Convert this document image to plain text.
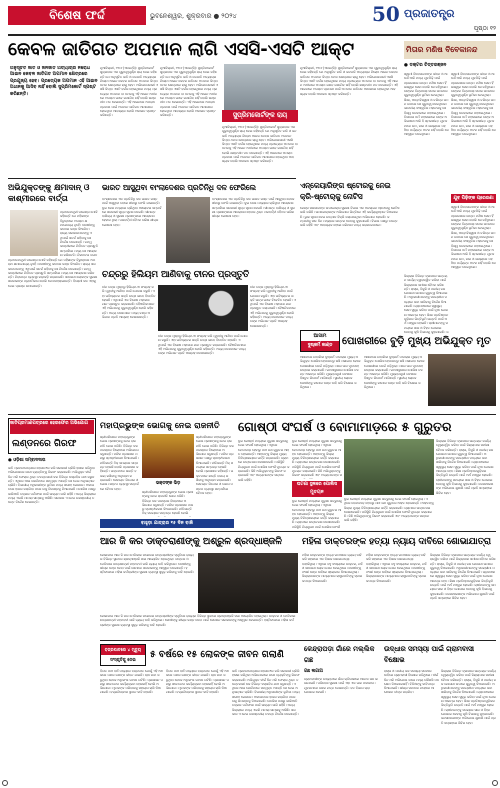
ବିଶେଷ ଫର୍ଦ୍ଦ	ଭୁବନେଶ୍ୱର, ଶୁକ୍ରବାର ● ୨୦୨୪	50 ପ୍ରଜାତନ୍ତ୍ର
ପୃଷ୍ଠା ୧୨
କେବଳ ଜାତିଗତ ଅପମାନ ଲାଗି ଏସସି-ଏସଟି ଆକ୍ଟ
ଅନୁସୂଚିତ ଜାତି ଓ ଜନଜାତି ଅତ୍ୟାଚାର ନିରୋଧ ଆଇନ କେବଳ ଜାତିଗତ ଅପମାନ କ୍ଷେତ୍ରରେ ପ୍ରଯୁଜ୍ୟ ହେବ। ପ୍ରତ୍ୟେକ ଅପମାନ ଏହି ଆଇନ ଅଧୀନକୁ ଆସିବ ନାହିଁ ବୋଲି ସୁପ୍ରିମକୋର୍ଟ ସ୍ପଷ୍ଟ କରିଛନ୍ତି।
ନୂଆଦିଲ୍ଲୀ, ୨୩।୮(ଏଜେନ୍ସି): ସୁପ୍ରିମକୋର୍ଟ ଶୁକ୍ରବାର ଏକ ଗୁରୁତ୍ୱପୂର୍ଣ୍ଣ ରାୟ ଦେଇ କହିଛନ୍ତି ଯେ ଅନୁସୂଚିତ ଜାତି ଓ ଜନଜାତି ଅତ୍ୟାଚାର ନିରୋଧ ଆଇନ କେବଳ ଜାତିଗତ ଅପମାନ କିମ୍ବା ଧମକ କ୍ଷେତ୍ରରେ ଲାଗୁ ହେବ। ଅଭିଯୋଗକାରୀ ଏସସି କିମ୍ବା ଏସଟି ବର୍ଗର ହୋଇଥିଲେ ମଧ୍ୟ ପ୍ରତ୍ୟେକ ଅପମାନ ବା ଧମକକୁ ଏହି ଆଇନ ଅଧୀନରେ ଅପରାଧ ଭାବେ ଗଣାଯିବ ନାହିଁ ବୋଲି ଖଣ୍ଡପୀଠ ମତ ଦେଇଛନ୍ତି। ଏହି ଆଇନରେ ଅପରାଧ ପ୍ରମାଣ ପାଇଁ ଅପମାନ ଜାତିଗତ ଆଧାରରେ ହୋଇଥିବା ଆବଶ୍ୟକ ବୋଲି ଅଦାଲତ ସ୍ପଷ୍ଟ କରିଛନ୍ତି।
ନୂଆଦିଲ୍ଲୀ, ୨୩।୮(ଏଜେନ୍ସି): ସୁପ୍ରିମକୋର୍ଟ ଶୁକ୍ରବାର ଏକ ଗୁରୁତ୍ୱପୂର୍ଣ୍ଣ ରାୟ ଦେଇ କହିଛନ୍ତି ଯେ ଅନୁସୂଚିତ ଜାତି ଓ ଜନଜାତି ଅତ୍ୟାଚାର ନିରୋଧ ଆଇନ କେବଳ ଜାତିଗତ ଅପମାନ କିମ୍ବା ଧମକ କ୍ଷେତ୍ରରେ ଲାଗୁ ହେବ। ଅଭିଯୋଗକାରୀ ଏସସି କିମ୍ବା ଏସଟି ବର୍ଗର ହୋଇଥିଲେ ମଧ୍ୟ ପ୍ରତ୍ୟେକ ଅପମାନ ବା ଧମକକୁ ଏହି ଆଇନ ଅଧୀନରେ ଅପରାଧ ଭାବେ ଗଣାଯିବ ନାହିଁ ବୋଲି ଖଣ୍ଡପୀଠ ମତ ଦେଇଛନ୍ତି। ଏହି ଆଇନରେ ଅପରାଧ ପ୍ରମାଣ ପାଇଁ ଅପମାନ ଜାତିଗତ ଆଧାରରେ ହୋଇଥିବା ଆବଶ୍ୟକ ବୋଲି ଅଦାଲତ ସ୍ପଷ୍ଟ କରିଛନ୍ତି।	ସୁପ୍ରିମକୋର୍ଟଙ୍କ ରାୟ
ନୂଆଦିଲ୍ଲୀ, ୨୩।୮(ଏଜେନ୍ସି): ସୁପ୍ରିମକୋର୍ଟ ଶୁକ୍ରବାର ଏକ ଗୁରୁତ୍ୱପୂର୍ଣ୍ଣ ରାୟ ଦେଇ କହିଛନ୍ତି ଯେ ଅନୁସୂଚିତ ଜାତି ଓ ଜନଜାତି ଅତ୍ୟାଚାର ନିରୋଧ ଆଇନ କେବଳ ଜାତିଗତ ଅପମାନ କିମ୍ବା ଧମକ କ୍ଷେତ୍ରରେ ଲାଗୁ ହେବ। ଅଭିଯୋଗକାରୀ ଏସସି କିମ୍ବା ଏସଟି ବର୍ଗର ହୋଇଥିଲେ ମଧ୍ୟ ପ୍ରତ୍ୟେକ ଅପମାନ ବା ଧମକକୁ ଏହି ଆଇନ ଅଧୀନରେ ଅପରାଧ ଭାବେ ଗଣାଯିବ ନାହିଁ ବୋଲି ଖଣ୍ଡପୀଠ ମତ ଦେଇଛନ୍ତି। ଏହି ଆଇନରେ ଅପରାଧ ପ୍ରମାଣ ପାଇଁ ଅପମାନ ଜାତିଗତ ଆଧାରରେ ହୋଇଥିବା ଆବଶ୍ୟକ ବୋଲି ଅଦାଲତ ସ୍ପଷ୍ଟ କରିଛନ୍ତି।
ନୂଆଦିଲ୍ଲୀ, ୨୩।୮(ଏଜେନ୍ସି): ସୁପ୍ରିମକୋର୍ଟ ଶୁକ୍ରବାର ଏକ ଗୁରୁତ୍ୱପୂର୍ଣ୍ଣ ରାୟ ଦେଇ କହିଛନ୍ତି ଯେ ଅନୁସୂଚିତ ଜାତି ଓ ଜନଜାତି ଅତ୍ୟାଚାର ନିରୋଧ ଆଇନ କେବଳ ଜାତିଗତ ଅପମାନ କିମ୍ବା ଧମକ କ୍ଷେତ୍ରରେ ଲାଗୁ ହେବ। ଅଭିଯୋଗକାରୀ ଏସସି କିମ୍ବା ଏସଟି ବର୍ଗର ହୋଇଥିଲେ ମଧ୍ୟ ପ୍ରତ୍ୟେକ ଅପମାନ ବା ଧମକକୁ ଏହି ଆଇନ ଅଧୀନରେ ଅପରାଧ ଭାବେ ଗଣାଯିବ ନାହିଁ ବୋଲି ଖଣ୍ଡପୀଠ ମତ ଦେଇଛନ୍ତି। ଏହି ଆଇନରେ ଅପରାଧ ପ୍ରମାଣ ପାଇଁ ଅପମାନ ଜାତିଗତ ଆଧାରରେ ହୋଇଥିବା ଆବଶ୍ୟକ ବୋଲି ଅଦାଲତ ସ୍ପଷ୍ଟ କରିଛନ୍ତି।
ମିତାର ମଣିଷ ବିବେକାନନ୍ଦ
● ଡକ୍ଟର ଚିତ୍ତରଞ୍ଜନ
ସ୍ୱାମୀ ବିବେକାନନ୍ଦଙ୍କ ଜୀବନ ଓ ଆଦର୍ଶ ଆଜି ମଧ୍ୟ ଯୁବପିଢ଼ି ପାଇଁ ପ୍ରେରଣାର ଉତ୍ସ। ମଣିଷ ସେବା ହିଁ ଈଶ୍ୱର ସେବା ବୋଲି ସେ କହିଥିଲେ। ତାଙ୍କର ଚିନ୍ତାଧାରା ସମାଜ ଗଠନରେ ଗୁରୁତ୍ୱପୂର୍ଣ୍ଣ ଭୂମିକା ନେଇଥିଲା। ଶିକ୍ଷା, ଆତ୍ମବିଶ୍ୱାସ ଓ ଚରିତ୍ର ଗଠନ ଉପରେ ସେ ଗୁରୁତ୍ୱ ଦେଇଥିଲେ। ଭାରତୀୟ ସଂସ୍କୃତିର ମହାନତାକୁ ସେ ବିଶ୍ୱ ଦରବାରରେ ପହଞ୍ଚାଇଥିଲେ। ଚିକାଗୋ ଧର୍ମ ମହାସଭାରେ ତାଙ୍କ ଅଭିଭାଷଣ ଆଜି ବି ସ୍ମରଣୀୟ। ଯୁବକମାନେ ଉଠ, ଜାଗ ଓ ଲକ୍ଷ୍ୟରେ ପହଞ୍ଚିବା ପର୍ଯ୍ୟନ୍ତ ଅଟକ ନାହିଁ ବୋଲି ସେ ଆହ୍ୱାନ ଦେଇଥିଲେ।
ସ୍ୱାମୀ ବିବେକାନନ୍ଦଙ୍କ ଜୀବନ ଓ ଆଦର୍ଶ ଆଜି ମଧ୍ୟ ଯୁବପିଢ଼ି ପାଇଁ ପ୍ରେରଣାର ଉତ୍ସ। ମଣିଷ ସେବା ହିଁ ଈଶ୍ୱର ସେବା ବୋଲି ସେ କହିଥିଲେ। ତାଙ୍କର ଚିନ୍ତାଧାରା ସମାଜ ଗଠନରେ ଗୁରୁତ୍ୱପୂର୍ଣ୍ଣ ଭୂମିକା ନେଇଥିଲା। ଶିକ୍ଷା, ଆତ୍ମବିଶ୍ୱାସ ଓ ଚରିତ୍ର ଗଠନ ଉପରେ ସେ ଗୁରୁତ୍ୱ ଦେଇଥିଲେ। ଭାରତୀୟ ସଂସ୍କୃତିର ମହାନତାକୁ ସେ ବିଶ୍ୱ ଦରବାରରେ ପହଞ୍ଚାଇଥିଲେ। ଚିକାଗୋ ଧର୍ମ ମହାସଭାରେ ତାଙ୍କ ଅଭିଭାଷଣ ଆଜି ବି ସ୍ମରଣୀୟ। ଯୁବକମାନେ ଉଠ, ଜାଗ ଓ ଲକ୍ଷ୍ୟରେ ପହଞ୍ଚିବା ପର୍ଯ୍ୟନ୍ତ ଅଟକ ନାହିଁ ବୋଲି ସେ ଆହ୍ୱାନ ଦେଇଥିଲେ।
ଯୁବ ପିଢ଼ିଙ୍କ ପ୍ରେରଣା
ସ୍ୱାମୀ ବିବେକାନନ୍ଦଙ୍କ ଜୀବନ ଓ ଆଦର୍ଶ ଆଜି ମଧ୍ୟ ଯୁବପିଢ଼ି ପାଇଁ ପ୍ରେରଣାର ଉତ୍ସ। ମଣିଷ ସେବା ହିଁ ଈଶ୍ୱର ସେବା ବୋଲି ସେ କହିଥିଲେ। ତାଙ୍କର ଚିନ୍ତାଧାରା ସମାଜ ଗଠନରେ ଗୁରୁତ୍ୱପୂର୍ଣ୍ଣ ଭୂମିକା ନେଇଥିଲା। ଶିକ୍ଷା, ଆତ୍ମବିଶ୍ୱାସ ଓ ଚରିତ୍ର ଗଠନ ଉପରେ ସେ ଗୁରୁତ୍ୱ ଦେଇଥିଲେ। ଭାରତୀୟ ସଂସ୍କୃତିର ମହାନତାକୁ ସେ ବିଶ୍ୱ ଦରବାରରେ ପହଞ୍ଚାଇଥିଲେ। ଚିକାଗୋ ଧର୍ମ ମହାସଭାରେ ତାଙ୍କ ଅଭିଭାଷଣ ଆଜି ବି ସ୍ମରଣୀୟ। ଯୁବକମାନେ ଉଠ, ଜାଗ ଓ ଲକ୍ଷ୍ୟରେ ପହଞ୍ଚିବା ପର୍ଯ୍ୟନ୍ତ ଅଟକ ନାହିଁ ବୋଲି ସେ ଆହ୍ୱାନ ଦେଇଥିଲେ।
ଜିଲ୍ଲାର ବିଭିନ୍ନ ବ୍ଲକରେ ଉନ୍ନୟନ କାର୍ଯ୍ୟ ତ୍ୱରାନ୍ୱିତ କରିବା ପାଇଁ ଜିଲ୍ଲାପାଳ ସମୀକ୍ଷା ବୈଠକ କରିଛନ୍ତି। ରାସ୍ତା, ବିଜୁଳି ଓ ପାନୀୟ ଜଳ ଯୋଗାଣ ଉପରେ ଗୁରୁତ୍ୱ ଦିଆଯାଇଛି। ଅଧିକାରୀମାନଙ୍କୁ ସମୟସୀମା ମଧ୍ୟରେ କାମ ସାରିବାକୁ ନିର୍ଦ୍ଦେଶ ଦିଆଯାଇଛି। ଗ୍ରାମାଞ୍ଚଳରେ ସ୍ୱାସ୍ଥ୍ୟ ସେବା ସୁଦୃଢ଼ କରିବା ପାଇଁ ନୂଆ ଯୋଜନା ଆରମ୍ଭ ହେବ। ଶିକ୍ଷା ପ୍ରତିଷ୍ଠାନଗୁଡ଼ିକର ଭିତ୍ତିଭୂମି ଉନ୍ନତି ପାଇଁ ଅର୍ଥ ମଞ୍ଜୁର ହୋଇଛି। ଚାଷୀମାନଙ୍କୁ ସମୟରେ ସାର ଓ ବିହନ ଯୋଗାଇ ଦେବାକୁ କୃଷି ବିଭାଗକୁ କୁହାଯାଇଛି। ଜ
ଅଭିଯୁକ୍ତଙ୍କୁ କ୍ଷମାଦାନ୍ ଓ କାଶ୍ମୀରରେ ବାର୍ତ୍ତା
ପ୍ରଧାନମନ୍ତ୍ରୀ ନରେନ୍ଦ୍ର ମୋଦି କହିଛନ୍ତି ଯେ ମହିଳାଙ୍କ ବିରୁଦ୍ଧରେ ଅପରାଧ କ୍ଷମାଯୋଗ୍ୟ ନୁହେଁ। ଦୋଷୀଙ୍କୁ କଠୋର ଦଣ୍ଡ ଦିଆଯିବ। ରାଜ୍ୟ ସରକାରମାନଙ୍କୁ ଏଥିପାଇଁ ସତର୍କ ରହିବାକୁ ସେ ନିର୍ଦ୍ଦେଶ ଦେଇଛନ୍ତି। ଜମ୍ମୁ କାଶ୍ମୀରରେ ନିର୍ବାଚନ ପ୍ରସ୍ତୁତି ସମ୍ପର୍କରେ ମଧ୍ୟ ସେ ଆଲୋଚନା କରିଛନ୍ତି। ନିରାପତ୍ତା ବ୍ୟବ
ପ୍ରଧାନମନ୍ତ୍ରୀ ନରେନ୍ଦ୍ର ମୋଦି କହିଛନ୍ତି ଯେ ମହିଳାଙ୍କ ବିରୁଦ୍ଧରେ ଅପରାଧ କ୍ଷମାଯୋଗ୍ୟ ନୁହେଁ। ଦୋଷୀଙ୍କୁ କଠୋର ଦଣ୍ଡ ଦିଆଯିବ। ରାଜ୍ୟ ସରକାରମାନଙ୍କୁ ଏଥିପାଇଁ ସତର୍କ ରହିବାକୁ ସେ ନିର୍ଦ୍ଦେଶ ଦେଇଛନ୍ତି। ଜମ୍ମୁ କାଶ୍ମୀରରେ ନିର୍ବାଚନ ପ୍ରସ୍ତୁତି ସମ୍ପର୍କରେ ମଧ୍ୟ ସେ ଆଲୋଚନା କରିଛନ୍ତି। ନିରାପତ୍ତା ବ୍ୟବସ୍ଥା କଡ଼ାକଡ଼ି କରାଯାଇଛି। ସାଧାରଣ ଲୋକଙ୍କ ସୁରକ୍ଷା ସରକାରଙ୍କ ପ୍ରାଥମିକତା ବୋଲି ସେ ଦୋହରାଇଛନ୍ତି। ବିରୋଧୀ ଦଳ ଏହାକୁ ନେଇ ପ୍ରଶ୍ନ ଉଠାଇଛନ୍ତି।
ଭାରତ ଆସୁଥିବା ବାଂଲାଦେଶର ପ୍ରତିନିଧି ଦଳ ଫେରିଲେ
ବାଂଲାଦେଶର ଏକ ପ୍ରତିନିଧି ଦଳ ଭାରତ ଗସ୍ତ ପାଇଁ ଆସୁଥିବା ବେଳେ ସୀମାରୁ ଫେରି ଯାଇଛନ୍ତି। ଦୁଇ ଦେଶ ମଧ୍ୟରେ ଚାଲିଥିବା ଆଲୋଚନା ସମ୍ପର୍କରେ ସରକାରୀ ସୂତ୍ର ସୂଚନା ଦେଇଛି। ସୀମାନ୍ତ ବାଣିଜ୍ୟ ଓ ସୁରକ୍ଷା ପ୍ରସଙ୍ଗରେ ଆଲୋଚନା ହେବାର ଥିଲା। ପରବର୍ତ୍ତୀ ବୈଠକ ତାରିଖ ଶୀଘ୍ର ଘୋଷଣା ହେବ।
ବାଂଲାଦେଶର ଏକ ପ୍ରତିନିଧି ଦଳ ଭାରତ ଗସ୍ତ ପାଇଁ ଆସୁଥିବା ବେଳେ ସୀମାରୁ ଫେରି ଯାଇଛନ୍ତି। ଦୁଇ ଦେଶ ମଧ୍ୟରେ ଚାଲିଥିବା ଆଲୋଚନା ସମ୍ପର୍କରେ ସରକାରୀ ସୂତ୍ର ସୂଚନା ଦେଇଛି। ସୀମାନ୍ତ ବାଣିଜ୍ୟ ଓ ସୁରକ୍ଷା ପ୍ରସଙ୍ଗରେ ଆଲୋଚନା ହେବାର ଥିଲା। ପରବର୍ତ୍ତୀ ବୈଠକ ତାରିଖ ଶୀଘ୍ର ଘୋଷଣା ହେବ।
ଏନ୍‌କେୟାରିଙ୍ଗ ଷ୍ଟୋରକୁ ନେଇ କ୍ରି-ଷ୍ଟୋର୍‌କୁ ନୋଟିସ
କେନ୍ଦ୍ର ସରକାରଙ୍କ ଉପଭୋକ୍ତା ସୁରକ୍ଷା ବିଭାଗ ଏକ ଅନଲାଇନ ଷ୍ଟୋରକୁ ନୋଟିସ ଜାରି କରିଛି। ଉପଭୋକ୍ତାଙ୍କ ଅଭିଯୋଗ ଭିତ୍ତିରେ ଏହି କାର୍ଯ୍ୟାନୁଷ୍ଠାନ ନିଆଯାଇଛି। ଭୁଲ ସୂଚନା ଦେଇ ଉତ୍ପାଦ ବିକ୍ରି କରାଯାଉଥିବା ଅଭିଯୋଗ ହୋଇଛି। କମ୍ପାନୀକୁ ସାତ ଦିନ ମଧ୍ୟରେ ଉତ୍ତର ଦେବାକୁ କୁହାଯାଇଛି। ବିଭାଗ ପକ୍ଷରୁ ତଦନ୍ତ ଜାରି ରହିଛି ଏବଂ ଆବଶ୍ୟକ ହେଲେ ଜରିମାନା ମଧ୍ୟ କରାଯାଇପାରେ।
ଚନ୍ଦ୍ରରୁ ହିଲିୟମ ଆଣିବାକୁ ଚୀନର ପ୍ରସ୍ତୁତି
ଚୀନ ଚନ୍ଦ୍ର ପୃଷ୍ଠରୁ ହିଲିୟମ-୩ ସଂଗ୍ରହ କରି ପୃଥିବୀକୁ ଆଣିବା ପାଇଁ ଯୋଜନା କରୁଛି। ଏହା ଭବିଷ୍ୟତର ଶକ୍ତି ଉତ୍ସ ଭାବେ ବିବେଚିତ ହେଉଛି। ଏଥିପାଇଁ ଏକ ବିଶେଷ ମହାକାଶ ଯାନ ପ୍ରସ୍ତୁତ କରାଯାଉଛି। ବୈଜ୍ଞାନିକମାନେ ଏହି ଅଭିଯାନକୁ ଗୁରୁତ୍ୱପୂର୍ଣ୍ଣ ବୋଲି କହିଛନ୍ତି। ଅନ୍ୟ ଦେଶମାନେ ମଧ୍ୟ ଚନ୍ଦ୍ର ଅଭିଯାନ ପ୍ରତି ଆଗ୍ରହ ଦେଖାଉଛନ୍ତି।
ଚୀନ ଚନ୍ଦ୍ର ପୃଷ୍ଠରୁ ହିଲିୟମ-୩ ସଂଗ୍ରହ କରି ପୃଥିବୀକୁ ଆଣିବା ପାଇଁ ଯୋଜନା କରୁଛି। ଏହା ଭବିଷ୍ୟତର ଶକ୍ତି ଉତ୍ସ ଭାବେ ବିବେଚିତ ହେଉଛି। ଏଥିପାଇଁ ଏକ ବିଶେଷ ମହାକାଶ ଯାନ ପ୍ରସ୍ତୁତ କରାଯାଉଛି। ବୈଜ୍ଞାନିକମାନେ ଏହି ଅଭିଯାନକୁ ଗୁରୁତ୍ୱପୂର୍ଣ୍ଣ ବୋଲି କହିଛନ୍ତି। ଅନ୍ୟ ଦେଶମାନେ ମଧ୍ୟ ଚନ୍ଦ୍ର ଅଭିଯାନ ପ୍ରତି ଆଗ୍ରହ ଦେଖାଉଛନ୍ତି।
ଚୀନ ଚନ୍ଦ୍ର ପୃଷ୍ଠରୁ ହିଲିୟମ-୩ ସଂଗ୍ରହ କରି ପୃଥିବୀକୁ ଆଣିବା ପାଇଁ ଯୋଜନା କରୁଛି। ଏହା ଭବିଷ୍ୟତର ଶକ୍ତି ଉତ୍ସ ଭାବେ ବିବେଚିତ ହେଉଛି। ଏଥିପାଇଁ ଏକ ବିଶେଷ ମହାକାଶ ଯାନ ପ୍ରସ୍ତୁତ କରାଯାଉଛି। ବୈଜ୍ଞାନିକମାନେ ଏହି ଅଭିଯାନକୁ ଗୁରୁତ୍ୱପୂର୍ଣ୍ଣ ବୋଲି କହିଛନ୍ତି। ଅନ୍ୟ ଦେଶମାନେ ମଧ୍ୟ ଚନ୍ଦ୍ର ଅଭିଯାନ ପ୍ରତି ଆଗ୍ରହ ଦେଖାଉଛନ୍ତି।
ଆସାମ
ଦୁଷ୍କର୍ମ କାଣ୍ଡ ପୋଖରୀରେ ବୁଡ଼ି ମୁଖ୍ୟ ଅଭିଯୁକ୍ତ ମୃତ
ଆସାମରେ ନାବାଳିକା ଦୁଷ୍କର୍ମ ମାମଲାର ମୁଖ୍ୟ ଅଭିଯୁକ୍ତ ପୋଲିସ ହେପାଜତରୁ ଖସି ପଳାଇବା ବେଳେ ପୋଖରୀରେ ଡେଇଁ ପଡ଼ିଥିଲା। ପରେ ତାର ମୃତଦେହ ଉଦ୍ଧାର କରାଯାଇଛି। ଘଟଣାସ୍ଥଳରେ ପୋଲିସ ତଦନ୍ତ ଆରମ୍ଭ କରିଛି। ମୁଖ୍ୟମନ୍ତ୍ରୀ ଘଟଣାର ବିସ୍ତୃତ ରିପୋର୍ଟ ମାଗିଛନ୍ତି। ସ୍ଥାନୀୟ ଲୋକେ ଦୋଷୀଙ୍କୁ କଠୋର ଦଣ୍ଡ ଦାବି କରି ବିକ୍ଷୋଭ କରିଥିଲେ।
ଆସାମରେ ନାବାଳିକା ଦୁଷ୍କର୍ମ ମାମଲାର ମୁଖ୍ୟ ଅଭିଯୁକ୍ତ ପୋଲିସ ହେପାଜତରୁ ଖସି ପଳାଇବା ବେଳେ ପୋଖରୀରେ ଡେଇଁ ପଡ଼ିଥିଲା। ପରେ ତାର ମୃତଦେହ ଉଦ୍ଧାର କରାଯାଇଛି। ଘଟଣାସ୍ଥଳରେ ପୋଲିସ ତଦନ୍ତ ଆରମ୍ଭ କରିଛି। ମୁଖ୍ୟମନ୍ତ୍ରୀ ଘଟଣାର ବିସ୍ତୃତ ରିପୋର୍ଟ ମାଗିଛନ୍ତି। ସ୍ଥାନୀୟ ଲୋକେ ଦୋଷୀଙ୍କୁ କଠୋର ଦଣ୍ଡ ଦାବି କରି ବିକ୍ଷୋଭ କରିଥିଲେ।
ଜାତିପ୍ରମାଣପତ୍ରରେ ହେରଫେର ଅଭିଯୋଗ
ଲଣ୍ଡନରେ ଗିରଫ
● ଓଡ଼ିଶା ସମ୍ବାଦଦାତା
ଜାତି ପ୍ରମାଣପତ୍ରରେ ହେରଫେର କରି ସରକାରୀ ଚାକିରି ହାସଲ କରିଥିବା ଅଭିଯୋଗରେ ଜଣେ ବ୍ୟକ୍ତିଙ୍କୁ ଗିରଫ କରାଯାଇଛି। ଅଭିଯୁକ୍ତ ଦୀର୍ଘ ଦିନ ଧରି ଫେରାର ଥିଲା। ତଦନ୍ତକାରୀ ଦଳ ବିଭିନ୍ନ ଦସ୍ତାବିଜ ଯାଞ୍ଚ କରୁଛନ୍ତି। ଏଥିରେ ଆଉ କେଉଁମାନେ ସମ୍ପୃକ୍ତ ଅଛନ୍ତି ସେ ନେଇ ଅନୁସନ୍ଧାନ ଚାଲିଛି। ବିଭାଗୀୟ ଅଧିକାରୀଙ୍କ ଭୂମିକା ମଧ୍ୟ ସନ୍ଦେହ ଘେରରେ। ଅଦାଲତରେ ହାଜର କରାଯିବା ପରେ ତାକୁ ରିମାଣ୍ଡକୁ ନିଆଯାଇଛି। ପୋଲିସ ପକ୍ଷରୁ ଜାଲିଆତି ଚକ୍ରର ପର୍ଦ୍ଦାଫାଶ ପାଇଁ ଉଦ୍ୟମ ଜାରି ରହିଛି। ଅନ୍ୟ ଜିଲ୍ଲାରେ ମଧ୍ୟ ଏଭଳି ମାମଲା ସାମ୍ନାକୁ ଆସିଛି। ସରକାର ଏ ନେଇ ଉଚ୍ଚସ୍ତରୀୟ ତଦନ୍ତ ନିର୍ଦ୍ଦେଶ ଦେଇଛନ୍ତି।
ମହାପ୍ରଭୁଙ୍କ ଭୋଗକୁ ନେଇ ରାଜନୀତି
ଶ୍ରୀମନ୍ଦିରରେ ମହାପ୍ରଭୁଙ୍କ ଭୋଗ ପ୍ରସଙ୍ଗକୁ ନେଇ ରାଜନୀତି ଜୋର ଧରିଛି। ବିଭିନ୍ନ ଦଳ ପରସ୍ପର ବିରୋଧରେ ଅଭିଯୋଗ କରୁଛନ୍ତି। ମନ୍ଦିର ପ୍ରଶାସନ ପକ୍ଷରୁ ସ୍ପଷ୍ଟୀକରଣ ଦିଆଯାଇଛି। ନୀତିକାନ୍ତି ଠିକ୍ ସମୟରେ ସମ୍ପନ୍ନ ହେଉଛି ବୋଲି ପ୍ରଶାସକ କହିଛନ୍ତି। ଭକ୍ତମାନେ ଶାନ୍ତି ବଜାୟ ରଖିବାକୁ ଅନୁରୋଧ କରାଯାଇଛି। ସେବାୟତ ନିଯୋଗ ଓ ଭୋଗ ମଣ୍ଡପ ବ୍ୟବସ୍ଥା ସମ୍ପର୍କରେ ବୈଠକ ହେବ।
ଭକ୍ତଙ୍କ ଭିଡ଼
ଶ୍ରୀମନ୍ଦିରରେ ମହାପ୍ରଭୁଙ୍କ ଭୋଗ ପ୍ରସଙ୍ଗକୁ ନେଇ ରାଜନୀତି ଜୋର ଧରିଛି। ବିଭିନ୍ନ ଦଳ ପରସ୍ପର ବିରୋଧରେ ଅଭିଯୋଗ କରୁଛନ୍ତି। ମନ୍ଦିର ପ୍ରଶାସନ ପକ୍ଷରୁ ସ୍ପଷ୍ଟୀକରଣ ଦିଆଯାଇଛି। ନୀତିକାନ୍ତି ଠିକ୍ ସମୟରେ ସମ୍ପନ୍ନ ହେଉଛି ବୋଲି ପ୍ରଶାସକ କହିଛନ୍ତି। ଭକ୍ତମାନେ ଶାନ୍ତି ବଜାୟ ରଖିବାକୁ ଅନୁରୋଧ କରାଯାଇଛି। ସେବାୟତ ନିଯୋଗ ଓ ଭୋଗ ମଣ୍ଡପ ବ୍ୟବସ୍ଥା ସମ୍ପର୍କରେ ବୈଠକ ହେବ।
ଶ୍ରୀମନ୍ଦିରରେ ମହାପ୍ରଭୁଙ୍କ ଭୋଗ ପ୍ରସଙ୍ଗକୁ ନେଇ ରାଜନୀତି ଜୋର ଧରିଛି। ବିଭିନ୍ନ ଦଳ ପରସ୍ପର ବିରୋଧରେ ଅଭିଯୋଗ କରୁଛନ୍ତି। ମନ୍ଦିର ପ୍ରଶାସନ ପକ୍ଷରୁ ସ୍ପଷ୍ଟୀକରଣ ଦିଆଯାଇଛି। ନୀତିକାନ୍ତି ଠିକ୍ ସମୟରେ ସମ୍ପନ୍ନ ହେଉଛି ବୋଲି
ବାହୁଡ଼ା ଯାତ୍ରାର ୧୫ ଦିନ ବାକି
ଗୋଷ୍ଠୀ ସଂଘର୍ଷ ଓ ବୋମାମାଡ଼ରେ ୫ ଗୁରୁତର
ଦୁଇ ଗୋଷ୍ଠୀ ମଧ୍ୟରେ ପୁରୁଣା ଶତ୍ରୁତାକୁ ନେଇ ସଂଘର୍ଷ ହୋଇଥିଲା। ଏଥିରେ ବୋମାମାଡ଼ ହେବାରୁ ପାଞ୍ଚ ଜଣ ଗୁରୁତର ଆହତ ହୋଇଛନ୍ତି। ଆହତଙ୍କୁ ଜିଲ୍ଲା ମୁଖ୍ୟ ଚିକିତ୍ସାଳୟରେ ଭର୍ତ୍ତି କରାଯାଇଛି। ଗ୍ରାମରେ ଉତ୍ତେଜନା ଦେଖାଦେଇଛି। ପରିସ୍ଥିତି ନିୟନ୍ତ୍ରଣ ପାଇଁ ପୋଲିସ ଫୋର୍ସ ମୁତୟନ କରାଯାଇଛି। କିଛି ଅଭିଯୁକ୍ତଙ୍କୁ ଗିରଫ କରାଯାଇଛି ଏବଂ ଅନ୍ୟମାନଙ୍କ ସନ୍ଧାନ ଜାରି ରହିଛି।
ଦୁଇ ଗୋଷ୍ଠୀ ମଧ୍ୟରେ ପୁରୁଣା ଶତ୍ରୁତାକୁ ନେଇ ସଂଘର୍ଷ ହୋଇଥିଲା। ଏଥିରେ ବୋମାମାଡ଼ ହେବାରୁ ପାଞ୍ଚ ଜଣ ଗୁରୁତର ଆହତ ହୋଇଛନ୍ତି। ଆହତଙ୍କୁ ଜିଲ୍ଲା ମୁଖ୍ୟ ଚିକିତ୍ସାଳୟରେ ଭର୍ତ୍ତି କରାଯାଇଛି। ଗ୍ରାମରେ ଉତ୍ତେଜନା ଦେଖାଦେଇଛି। ପରିସ୍ଥିତି ନିୟନ୍ତ୍ରଣ ପାଇଁ ପୋଲିସ ଫୋର୍ସ ମୁତୟନ କରାଯାଇଛି। କିଛି ଅଭିଯୁକ୍ତଙ୍କୁ ଗିରଫ କରାଯାଇଛି ଏବଂ ଅନ୍ୟମାନଙ୍କ ସ
ଘଟଣା ସ୍ଥଳରେ ପୋଲିସ ମୁତୟନ
ଦୁଇ ଗୋଷ୍ଠୀ ମଧ୍ୟରେ ପୁରୁଣା ଶତ୍ରୁତାକୁ ନେଇ ସଂଘର୍ଷ ହୋଇଥିଲା। ଏଥିରେ ବୋମାମାଡ଼ ହେବାରୁ ପାଞ୍ଚ ଜଣ ଗୁରୁତର ଆହତ ହୋଇଛନ୍ତି। ଆହତଙ୍କୁ ଜିଲ୍ଲା ମୁଖ୍ୟ ଚିକିତ୍ସାଳୟରେ ଭର୍ତ୍ତି କରାଯାଇଛି। ଗ୍ରାମରେ ଉତ୍ତେଜନା ଦେଖାଦେଇଛି। ପରିସ୍ଥିତି ନିୟନ୍ତ୍ରଣ ପାଇଁ ପୋଲିସ ଫୋର୍ସ
ଦୁଇ ଗୋଷ୍ଠୀ ମଧ୍ୟରେ ପୁରୁଣା ଶତ୍ରୁତାକୁ ନେଇ ସଂଘର୍ଷ ହୋଇଥିଲା। ଏଥିରେ ବୋମାମାଡ଼ ହେବାରୁ ପାଞ୍ଚ ଜଣ ଗୁରୁତର ଆହତ ହୋଇଛନ୍ତି। ଆହତଙ୍କୁ ଜିଲ୍ଲା ମୁଖ୍ୟ ଚିକିତ୍ସାଳୟରେ ଭର୍ତ୍ତି କରାଯାଇଛି। ଗ୍ରାମରେ ଉତ୍ତେଜନା ଦେଖାଦେଇଛି। ପରିସ୍ଥିତି ନିୟନ୍ତ୍ରଣ ପାଇଁ ପୋଲିସ ଫୋର୍ସ ମୁତୟନ କରାଯାଇଛି। କିଛି ଅଭିଯୁକ୍ତଙ୍କୁ ଗିରଫ କରାଯାଇଛି ଏବଂ ଅନ୍ୟମାନଙ୍କ ସନ୍ଧାନ ଜାରି ରହିଛି।
ଜିଲ୍ଲାର ବିଭିନ୍ନ ବ୍ଲକରେ ଉନ୍ନୟନ କାର୍ଯ୍ୟ ତ୍ୱରାନ୍ୱିତ କରିବା ପାଇଁ ଜିଲ୍ଲାପାଳ ସମୀକ୍ଷା ବୈଠକ କରିଛନ୍ତି। ରାସ୍ତା, ବିଜୁଳି ଓ ପାନୀୟ ଜଳ ଯୋଗାଣ ଉପରେ ଗୁରୁତ୍ୱ ଦିଆଯାଇଛି। ଅଧିକାରୀମାନଙ୍କୁ ସମୟସୀମା ମଧ୍ୟରେ କାମ ସାରିବାକୁ ନିର୍ଦ୍ଦେଶ ଦିଆଯାଇଛି। ଗ୍ରାମାଞ୍ଚଳରେ ସ୍ୱାସ୍ଥ୍ୟ ସେବା ସୁଦୃଢ଼ କରିବା ପାଇଁ ନୂଆ ଯୋଜନା ଆରମ୍ଭ ହେବ। ଶିକ୍ଷା ପ୍ରତିଷ୍ଠାନଗୁଡ଼ିକର ଭିତ୍ତିଭୂମି ଉନ୍ନତି ପାଇଁ ଅର୍ଥ ମଞ୍ଜୁର ହୋଇଛି। ଚାଷୀମାନଙ୍କୁ ସମୟରେ ସାର ଓ ବିହନ ଯୋଗାଇ ଦେବାକୁ କୃଷି ବିଭାଗକୁ କୁହାଯାଇଛି। ଜନସାଧାରଣଙ୍କ ଅଭିଯୋଗ ଶୁଣାଣି ପାଇଁ ପ୍ରତି ସପ୍ତାହରେ ଶିବିର ହେବ।
ଆର ଜି କର ଡାକ୍ତରାଣୀଙ୍କୁ ଅଶ୍ରୁଳ ଶ୍ରଦ୍ଧାଞ୍ଜଳି
କୋଲକାତା ଆର ଜି କର ମେଡିକାଲ କଲେଜର ଡାକ୍ତରାଣୀଙ୍କ ସ୍ମୃତିରେ ରାଜ୍ୟର ବିଭିନ୍ନ ସ୍ଥାନରେ ଶ୍ରଦ୍ଧାଞ୍ଜଳି ସଭା ଆୟୋଜିତ ହୋଇଥିଲା। ଡାକ୍ତର ଓ ମେଡିକାଲ ଛାତ୍ରଛାତ୍ରୀ ମହମବତୀ ଜାଳି ନ୍ୟାୟ ଦାବି କରିଥିଲେ। ଦୋଷୀଙ୍କୁ ଶୀଘ୍ର ଦଣ୍ଡ ଦେବା ପାଇଁ ସେମାନେ ସରକାରଙ୍କୁ ଆହ୍ୱାନ ଦେଇଛନ୍ତି। ହସ୍ପିଟାଲରେ ମହିଳା କର୍ମଚାରୀଙ୍କ ସୁରକ୍ଷା ବ୍ୟବସ୍ଥା ସୁଦୃଢ଼ କରିବାକୁ ଦାବି ହୋଇଛି।
କୋଲକାତା ଆର ଜି କର ମେଡିକାଲ କଲେଜର ଡାକ୍ତରାଣୀଙ୍କ ସ୍ମୃତିରେ ରାଜ୍ୟର ବିଭିନ୍ନ ସ୍ଥାନରେ ଶ୍ରଦ୍ଧାଞ୍ଜଳି ସଭା ଆୟୋଜିତ ହୋଇଥିଲା। ଡାକ୍ତର ଓ ମେଡିକାଲ ଛାତ୍ରଛାତ୍ରୀ ମହମବତୀ ଜାଳି ନ୍ୟାୟ ଦାବି କରିଥିଲେ। ଦୋଷୀଙ୍କୁ ଶୀଘ୍ର ଦଣ୍ଡ ଦେବା ପାଇଁ ସେମାନେ ସରକାରଙ୍କୁ ଆହ୍ୱାନ ଦେଇଛନ୍ତି। ହସ୍ପିଟାଲରେ ମହିଳା କର୍ମଚାରୀଙ୍କ ସୁରକ୍ଷା ବ୍ୟବସ୍ଥା ସୁଦୃଢ଼ କରିବାକୁ ଦାବି ହୋଇଛି।
ମହିଳା ଡାକ୍ତରଙ୍କ ହତ୍ୟା ନ୍ୟାୟ ଦାବିରେ ଶୋଭାଯାତ୍ରା
ମହିଳା ଡାକ୍ତରଙ୍କ ହତ୍ୟା ଘଟଣାରେ ନ୍ୟାୟ ଦାବି କରି ସହରରେ ଏକ ବିଶାଳ ଶୋଭାଯାତ୍ରା ବାହାରିଥିଲା। ଏଥିରେ ବହୁ ସଂଖ୍ୟାରେ ଡାକ୍ତର, ନର୍ସ ଓ ସାଧାରଣ ଲୋକ ଯୋଗ ଦେଇଥିଲେ। ଦୋଷୀଙ୍କୁ ଫାଶୀ ଦଣ୍ଡ ଦାବିରେ ସ୍ଲୋଗାନ ଦିଆଯାଇଥିଲା। ଜିଲ୍ଲାପାଳଙ୍କ ମାଧ୍ୟମରେ ରାଷ୍ଟ୍ରପତିଙ୍କୁ ସ୍ମାରକପତ୍ର ଦିଆଯାଇଛି।
ମହିଳା ଡାକ୍ତରଙ୍କ ହତ୍ୟା ଘଟଣାରେ ନ୍ୟାୟ ଦାବି କରି ସହରରେ ଏକ ବିଶାଳ ଶୋଭାଯାତ୍ରା ବାହାରିଥିଲା। ଏଥିରେ ବହୁ ସଂଖ୍ୟାରେ ଡାକ୍ତର, ନର୍ସ ଓ ସାଧାରଣ ଲୋକ ଯୋଗ ଦେଇଥିଲେ। ଦୋଷୀଙ୍କୁ ଫାଶୀ ଦଣ୍ଡ ଦାବିରେ ସ୍ଲୋଗାନ ଦିଆଯାଇଥିଲା। ଜିଲ୍ଲାପାଳଙ୍କ ମାଧ୍ୟମରେ ରାଷ୍ଟ୍ରପତିଙ୍କୁ ସ୍ମାରକପତ୍ର ଦିଆଯାଇଛି।
ଜିଲ୍ଲାର ବିଭିନ୍ନ ବ୍ଲକରେ ଉନ୍ନୟନ କାର୍ଯ୍ୟ ତ୍ୱରାନ୍ୱିତ କରିବା ପାଇଁ ଜିଲ୍ଲାପାଳ ସମୀକ୍ଷା ବୈଠକ କରିଛନ୍ତି। ରାସ୍ତା, ବିଜୁଳି ଓ ପାନୀୟ ଜଳ ଯୋଗାଣ ଉପରେ ଗୁରୁତ୍ୱ ଦିଆଯାଇଛି। ଅଧିକାରୀମାନଙ୍କୁ ସମୟସୀମା ମଧ୍ୟରେ କାମ ସାରିବାକୁ ନିର୍ଦ୍ଦେଶ ଦିଆଯାଇଛି। ଗ୍ରାମାଞ୍ଚଳରେ ସ୍ୱାସ୍ଥ୍ୟ ସେବା ସୁଦୃଢ଼ କରିବା ପାଇଁ ନୂଆ ଯୋଜନା ଆରମ୍ଭ ହେବ। ଶିକ୍ଷା ପ୍ରତିଷ୍ଠାନଗୁଡ଼ିକର ଭିତ୍ତିଭୂମି ଉନ୍ନତି ପାଇଁ ଅର୍ଥ ମଞ୍ଜୁର ହୋଇଛି। ଚାଷୀମାନଙ୍କୁ ସମୟରେ ସାର ଓ ବିହନ ଯୋଗାଇ ଦେବାକୁ କୃଷି ବିଭାଗକୁ କୁହାଯାଇଛି। ଜନସାଧାରଣଙ୍କ ଅଭିଯୋଗ ଶୁଣାଣି ପାଇଁ ପ୍ରତି ସପ୍ତାହରେ ଶିବିର ହେବ।
ବଜ୍ରପାତରେ ୪ ମୃତ୍ୟୁ
ସଂସ୍କୃତିକୁ ନେଇ	୫ ବର୍ଷରେ ୧୫ ଲୋକଙ୍କ ଜୀବନ ଗଲାଣି
ବିଗତ ପାଞ୍ଚ ବର୍ଷ ମଧ୍ୟରେ ବଜ୍ରପାତ ଯୋଗୁଁ ଏହି ଅଞ୍ଚଳରେ ପନ୍ଦର ଜଣଙ୍କ ଜୀବନ ଯାଇଛି। ଚାଷ କାମ କରୁଥିବା ବେଳେ ଅଧିକାଂଶ ଘଟଣା ଘଟିଛି। ପ୍ରଶାସନ ପକ୍ଷରୁ ସଚେତନତା କାର୍ଯ୍ୟକ୍ରମ ହେଉନାହିଁ ବୋଲି ଅଭିଯୋଗ। ମୃତକଙ୍କ ପରିବାରକୁ ସହାୟତା ରାଶି ଦିଆଯାଇଛି। ବଜ୍ରନିରୋଧକ ସ୍ଥାପନ ଦାବି ହେଉଛି।
ବିଗତ ପାଞ୍ଚ ବର୍ଷ ମଧ୍ୟରେ ବଜ୍ରପାତ ଯୋଗୁଁ ଏହି ଅଞ୍ଚଳରେ ପନ୍ଦର ଜଣଙ୍କ ଜୀବନ ଯାଇଛି। ଚାଷ କାମ କରୁଥିବା ବେଳେ ଅଧିକାଂଶ ଘଟଣା ଘଟିଛି। ପ୍ରଶାସନ ପକ୍ଷରୁ ସଚେତନତା କାର୍ଯ୍ୟକ୍ରମ ହେଉନାହିଁ ବୋଲି ଅଭିଯୋଗ। ମୃତକଙ୍କ ପରିବାରକୁ ସହାୟତା ରାଶି ଦିଆଯାଇଛି। ବଜ୍ରନିରୋଧକ ସ୍ଥାପନ ଦାବି ହେଉଛି।
ଜାତି ପ୍ରମାଣପତ୍ରରେ ହେରଫେର କରି ସରକାରୀ ଚାକିରି ହାସଲ କରିଥିବା ଅଭିଯୋଗରେ ଜଣେ ବ୍ୟକ୍ତିଙ୍କୁ ଗିରଫ କରାଯାଇଛି। ଅଭିଯୁକ୍ତ ଦୀର୍ଘ ଦିନ ଧରି ଫେରାର ଥିଲା। ତଦନ୍ତକାରୀ ଦଳ ବିଭିନ୍ନ ଦସ୍ତାବିଜ ଯାଞ୍ଚ କରୁଛନ୍ତି। ଏଥିରେ ଆଉ କେଉଁମାନେ ସମ୍ପୃକ୍ତ ଅଛନ୍ତି ସେ ନେଇ ଅନୁସନ୍ଧାନ ଚାଲିଛି। ବିଭାଗୀୟ ଅଧିକାରୀଙ୍କ ଭୂମିକା ମଧ୍ୟ ସନ୍ଦେହ ଘେରରେ। ଅଦାଲତରେ ହାଜର କରାଯିବା ପରେ ତାକୁ ରିମାଣ୍ଡକୁ ନିଆଯାଇଛି। ପୋଲିସ ପକ୍ଷରୁ ଜାଲିଆତି ଚକ୍ରର ପର୍ଦ୍ଦାଫାଶ ପାଇଁ ଉଦ୍ୟମ ଜାରି ରହିଛି। ଅନ୍ୟ ଜିଲ୍ଲାରେ ମଧ୍ୟ ଏଭଳି ମାମଲା ସାମ୍ନାକୁ ଆସିଛି। ସରକାର ଏ ନେଇ ଉଚ୍ଚସ୍ତରୀୟ ତଦନ୍ତ ନିର୍ଦ୍ଦେଶ ଦେଇଛନ୍ତି।
କେନ୍ଦ୍ରାପଡ଼ା ଗାଁରେ ମଲ୍ଲିକ ଗଛ
ଗଛ ଲଗାଅ
ଗ୍ରାମବାସୀଙ୍କ ଉଦ୍ୟମରେ ଗାଁର ଚାରିପାଖରେ ଅନେକ ଗଛ ଲଗାଯାଇଛି। ପରିବେଶ ସୁରକ୍ଷା ପାଇଁ ଏହା ଏକ ଭଲ ପଦକ୍ଷେପ। ଯୁବକମାନେ ଗଛର ଯତ୍ନ ନେଉଛନ୍ତି। ବନ ବିଭାଗ ଚାରା ଯୋଗାଇ ଦେଇଛି।
ଉଦ୍ଧାର ସମସ୍ୟା ପାଇଁ ଗ୍ରାମବାସୀ ବିକ୍ଷୋଭ
ରାସ୍ତା ଓ ପାନୀୟ ଜଳ ସମସ୍ୟା ସମାଧାନ ଦାବିରେ ଗ୍ରାମବାସୀ ବିକ୍ଷୋଭ କରିଥିଲେ। ଦୀର୍ଘ ଦିନ ଧରି ଅଭିଯୋଗ କଲେ ମଧ୍ୟ କୌଣସି ପଦକ୍ଷେପ ନିଆଯାଇନାହିଁ। ବିଡିଓଙ୍କୁ ଦାବିପତ୍ର ଦିଆଯାଇଛି। ଶୀଘ୍ର ସମାଧାନ ନହେଲେ ଆନ୍ଦୋଳନ ତୀବ୍ର କରାଯିବ।
ଜିଲ୍ଲାର ବିଭିନ୍ନ ବ୍ଲକରେ ଉନ୍ନୟନ କାର୍ଯ୍ୟ ତ୍ୱରାନ୍ୱିତ କରିବା ପାଇଁ ଜିଲ୍ଲାପାଳ ସମୀକ୍ଷା ବୈଠକ କରିଛନ୍ତି। ରାସ୍ତା, ବିଜୁଳି ଓ ପାନୀୟ ଜଳ ଯୋଗାଣ ଉପରେ ଗୁରୁତ୍ୱ ଦିଆଯାଇଛି। ଅଧିକାରୀମାନଙ୍କୁ ସମୟସୀମା ମଧ୍ୟରେ କାମ ସାରିବାକୁ ନିର୍ଦ୍ଦେଶ ଦିଆଯାଇଛି। ଗ୍ରାମାଞ୍ଚଳରେ ସ୍ୱାସ୍ଥ୍ୟ ସେବା ସୁଦୃଢ଼ କରିବା ପାଇଁ ନୂଆ ଯୋଜନା ଆରମ୍ଭ ହେବ। ଶିକ୍ଷା ପ୍ରତିଷ୍ଠାନଗୁଡ଼ିକର ଭିତ୍ତିଭୂମି ଉନ୍ନତି ପାଇଁ ଅର୍ଥ ମଞ୍ଜୁର ହୋଇଛି। ଚାଷୀମାନଙ୍କୁ ସମୟରେ ସାର ଓ ବିହନ ଯୋଗାଇ ଦେବାକୁ କୃଷି ବିଭାଗକୁ କୁହାଯାଇଛି। ଜନସାଧାରଣଙ୍କ ଅଭିଯୋଗ ଶୁଣାଣି ପାଇଁ ପ୍ରତି ସପ୍ତାହରେ ଶିବିର ହେବ।
